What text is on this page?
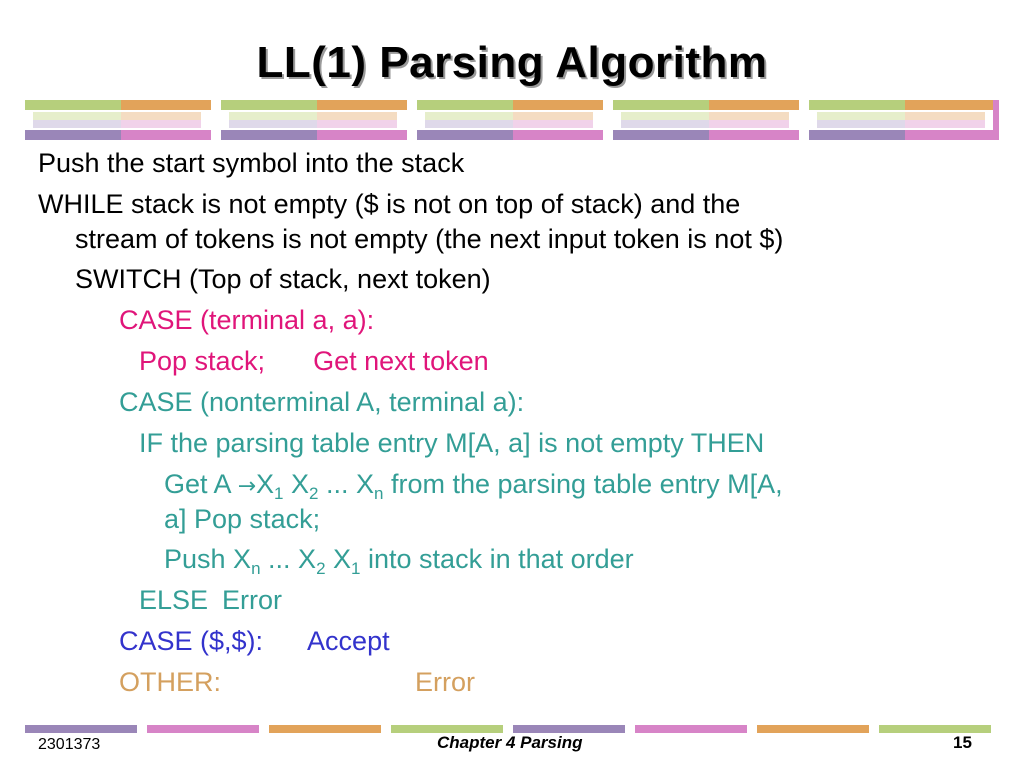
LL(1) Parsing Algorithm
Push the start symbol into the stack
WHILE stack is not empty ($ is not on top of stack) and the
stream of tokens is not empty (the next input token is not $)
SWITCH (Top of stack, next token)
CASE (terminal a, a):
Pop stack; Get next token
CASE (nonterminal A, terminal a):
IF the parsing table entry M[A, a] is not empty THEN
Get $A \to X_1$ $X_2$ ... $X_n$ from the parsing table entry M[A,
a] Pop stack;
Push $X_n$ ... $X_2$ $X_1$ into stack in that order
ELSE Error
CASE ($,$): Accept
OTHER:	Error
2301373	Chapter 4 Parsing	15
